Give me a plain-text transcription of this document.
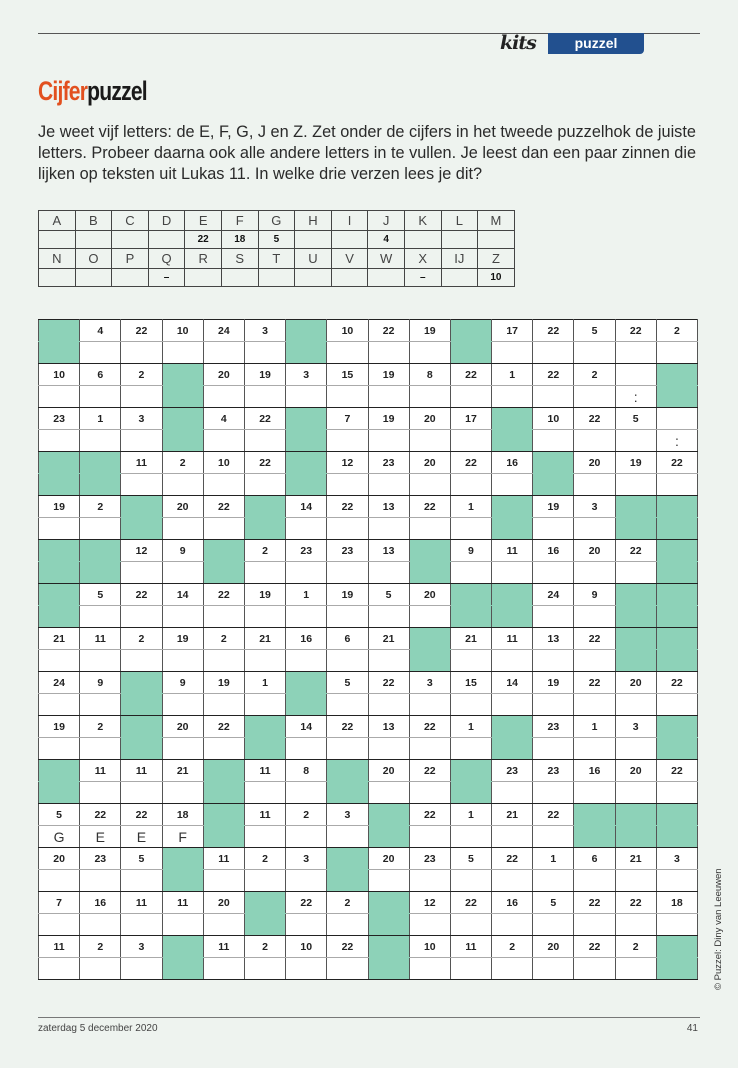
kits	puzzel
Cijferpuzzel
Je weet vijf letters: de E, F, G, J en Z. Zet onder de cijfers in het tweede puzzelhok de juiste letters. Probeer daarna ook alle andere letters in te vullen. Je leest dan een paar zinnen die lijken op teksten uit Lukas 11. In welke drie verzen lees je dit?
A	B	C	D	E	F	G	H	I	J	K	L	M
				22	18	5			4			
N	O	P	Q	R	S	T	U	V	W	X	IJ	Z
			–							–		10
	4	22	10	24	3		10	22	19		17	22	5	22	2

10	6	2		20	19	3	15	19	8	22	1	22	2		
														:	
23	1	3		4	22		7	19	20	17		10	22	5	
															:
		11	2	10	22		12	23	20	22	16		20	19	22

19	2		20	22		14	22	13	22	1		19	3		

		12	9		2	23	23	13		9	11	16	20	22	

	5	22	14	22	19	1	19	5	20			24	9		

21	11	2	19	2	21	16	6	21		21	11	13	22		

24	9		9	19	1		5	22	3	15	14	19	22	20	22

19	2		20	22		14	22	13	22	1		23	1	3	

	11	11	21		11	8		20	22		23	23	16	20	22

5	22	22	18		11	2	3		22	1	21	22			
G	E	E	F												
20	23	5		11	2	3		20	23	5	22	1	6	21	3

7	16	11	11	20		22	2		12	22	16	5	22	22	18

11	2	3		11	2	10	22		10	11	2	20	22	2	
																© Puzzel: Diny van Leeuwen
zaterdag 5 december 2020	41
